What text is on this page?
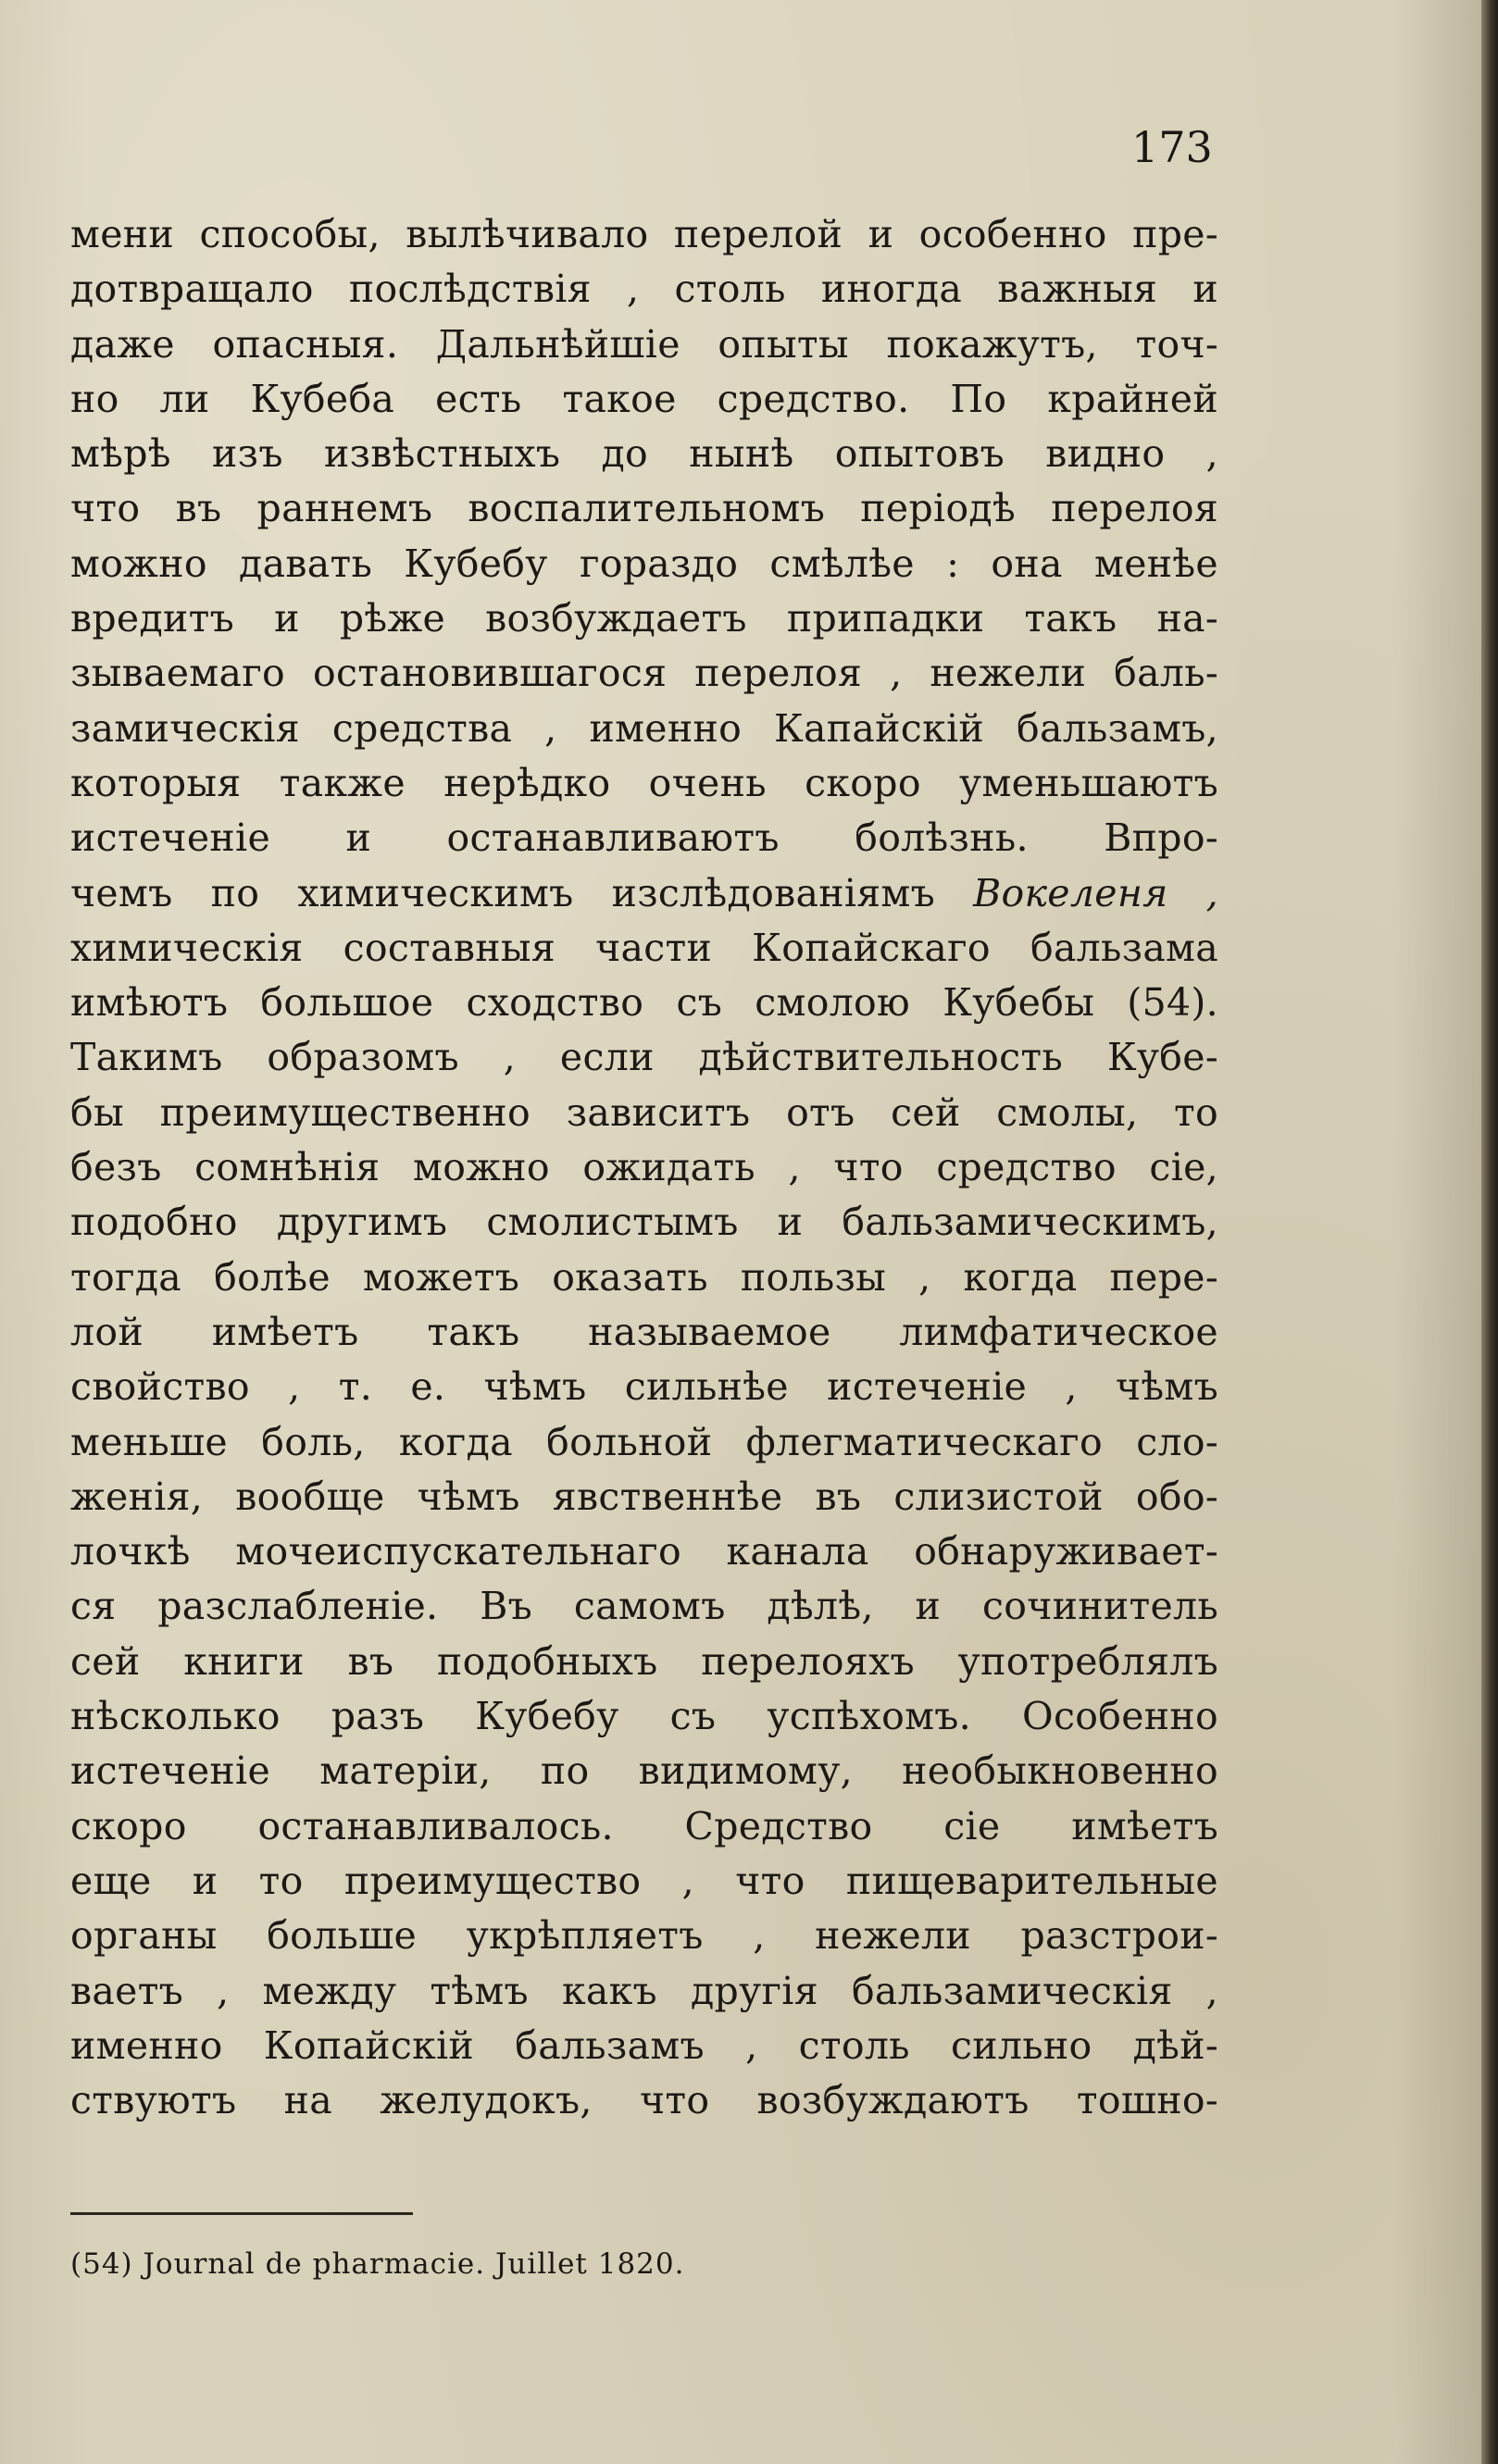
173
мени способы, вылѣчивало перелой и особенно пре-
дотвращало послѣдствія , столь иногда важныя и
даже опасныя. Дальнѣйшіе опыты покажутъ, точ-
но ли Кубеба есть такое средство. По крайней
мѣрѣ изъ извѣстныхъ до нынѣ опытовъ видно ,
что въ раннемъ воспалительномъ періодѣ перелоя
можно давать Кубебу гораздо смѣлѣе : она менѣе
вредитъ и рѣже возбуждаетъ припадки такъ на-
зываемаго остановившагося перелоя , нежели баль-
замическія средства , именно Капайскій бальзамъ,
которыя также нерѣдко очень скоро уменьшаютъ
истеченіе и останавливаютъ болѣзнь. Впро-
чемъ по химическимъ изслѣдованіямъ Вокеленя ,
химическія составныя части Копайскаго бальзама
имѣютъ большое сходство съ смолою Кубебы (54).
Такимъ образомъ , если дѣйствительность Кубе-
бы преимущественно зависитъ отъ сей смолы, то
безъ сомнѣнія можно ожидать , что средство сіе,
подобно другимъ смолистымъ и бальзамическимъ,
тогда болѣе можетъ оказать пользы , когда пере-
лой имѣетъ такъ называемое лимфатическое
свойство , т. е. чѣмъ сильнѣе истеченіе , чѣмъ
меньше боль, когда больной флегматическаго сло-
женія, вообще чѣмъ явственнѣе въ слизистой обо-
лочкѣ мочеиспускательнаго канала обнаруживает-
ся разслабленіе. Въ самомъ дѣлѣ, и сочинитель
сей книги въ подобныхъ перелояхъ употреблялъ
нѣсколько разъ Кубебу съ успѣхомъ. Особенно
истеченіе матеріи, по видимому, необыкновенно
скоро останавливалось. Средство сіе имѣетъ
еще и то преимущество , что пищеварительные
органы больше укрѣпляетъ , нежели разстрои-
ваетъ , между тѣмъ какъ другія бальзамическія ,
именно Копайскій бальзамъ , столь сильно дѣй-
ствуютъ на желудокъ, что возбуждаютъ тошно-
(54) Journal de pharmacie. Juillet 1820.
